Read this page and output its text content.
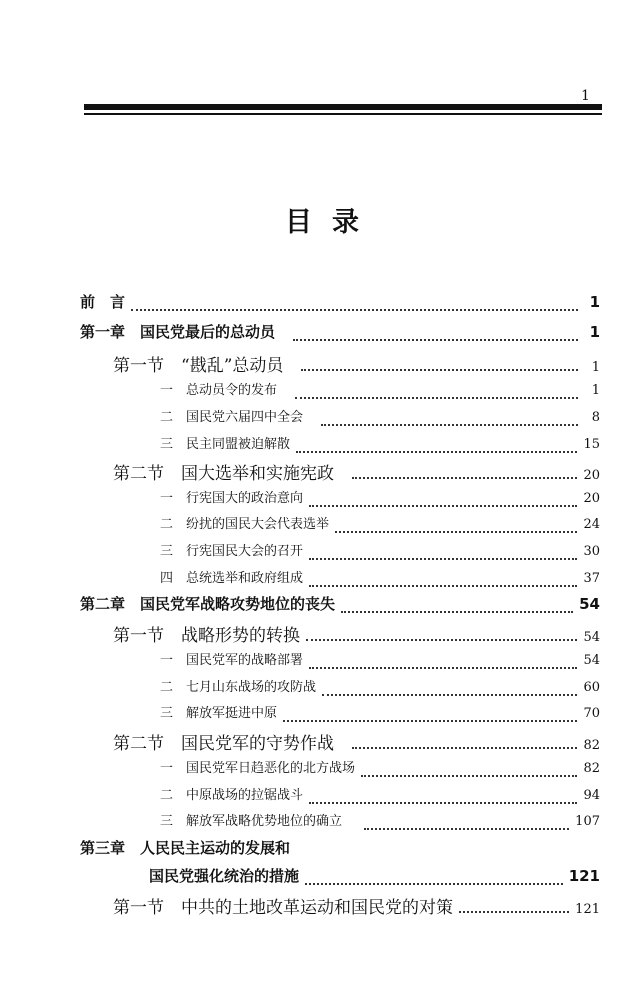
1
目录
前　言	1
第一章　国民党最后的总动员	1
第一节　“戡乱”总动员	1
一　总动员令的发布	1
二　国民党六届四中全会	8
三　民主同盟被迫解散	15
第二节　国大选举和实施宪政	20
一　行宪国大的政治意向	20
二　纷扰的国民大会代表选举	24
三　行宪国民大会的召开	30
四　总统选举和政府组成	37
第二章　国民党军战略攻势地位的丧失	54
第一节　战略形势的转换	54
一　国民党军的战略部署	54
二　七月山东战场的攻防战	60
三　解放军挺进中原	70
第二节　国民党军的守势作战	82
一　国民党军日趋恶化的北方战场	82
二　中原战场的拉锯战斗	94
三　解放军战略优势地位的确立	107
第三章　人民民主运动的发展和
国民党强化统治的措施	121
第一节　中共的土地改革运动和国民党的对策	121
